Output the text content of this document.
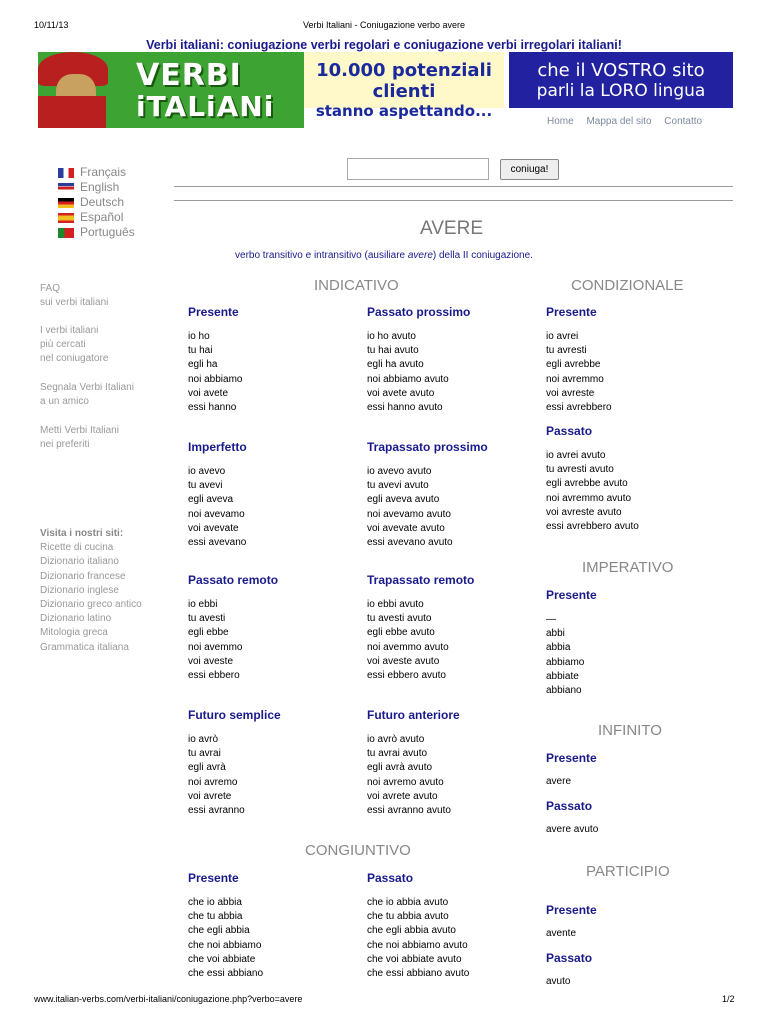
10/11/13	Verbi Italiani - Coniugazione verbo avere
Verbi italiani: coniugazione verbi regolari e coniugazione verbi irregolari italiani!
VERBI
iTALiANi
10.000 potenziali clienti
stanno aspettando...
che il VOSTRO sito
parli la LORO lingua
Home Mappa del sito Contatto
Français
English
Deutsch
Español
Português
coniuga!
AVERE
verbo transitivo e intransitivo (ausiliare avere) della II coniugazione.
FAQ
sui verbi italiani
I verbi italiani
più cercati
nel coniugatore
Segnala Verbi Italiani
a un amico
Metti Verbi Italiani
nei preferiti
Visita i nostri siti:
Ricette di cucina
Dizionario italiano
Dizionario francese
Dizionario inglese
Dizionario greco antico
Dizionario latino
Mitologia greca
Grammatica italiana
INDICATIVO	CONDIZIONALE
IMPERATIVO
INFINITO
CONGIUNTIVO
PARTICIPIO
Presente
io ho
tu hai
egli ha
noi abbiamo
voi avete
essi hanno
Passato prossimo
io ho avuto
tu hai avuto
egli ha avuto
noi abbiamo avuto
voi avete avuto
essi hanno avuto
Imperfetto
io avevo
tu avevi
egli aveva
noi avevamo
voi avevate
essi avevano
Trapassato prossimo
io avevo avuto
tu avevi avuto
egli aveva avuto
noi avevamo avuto
voi avevate avuto
essi avevano avuto
Passato remoto
io ebbi
tu avesti
egli ebbe
noi avemmo
voi aveste
essi ebbero
Trapassato remoto
io ebbi avuto
tu avesti avuto
egli ebbe avuto
noi avemmo avuto
voi aveste avuto
essi ebbero avuto
Futuro semplice
io avrò
tu avrai
egli avrà
noi avremo
voi avrete
essi avranno
Futuro anteriore
io avrò avuto
tu avrai avuto
egli avrà avuto
noi avremo avuto
voi avrete avuto
essi avranno avuto
Presente
io avrei
tu avresti
egli avrebbe
noi avremmo
voi avreste
essi avrebbero
Passato
io avrei avuto
tu avresti avuto
egli avrebbe avuto
noi avremmo avuto
voi avreste avuto
essi avrebbero avuto
Presente
—
abbi
abbia
abbiamo
abbiate
abbiano
Presente
avere
Passato
avere avuto
Presente
che io abbia
che tu abbia
che egli abbia
che noi abbiamo
che voi abbiate
che essi abbiano
Passato
che io abbia avuto
che tu abbia avuto
che egli abbia avuto
che noi abbiamo avuto
che voi abbiate avuto
che essi abbiano avuto
Presente
avente
Passato
avuto
www.italian-verbs.com/verbi-italiani/coniugazione.php?verbo=avere	1/2
